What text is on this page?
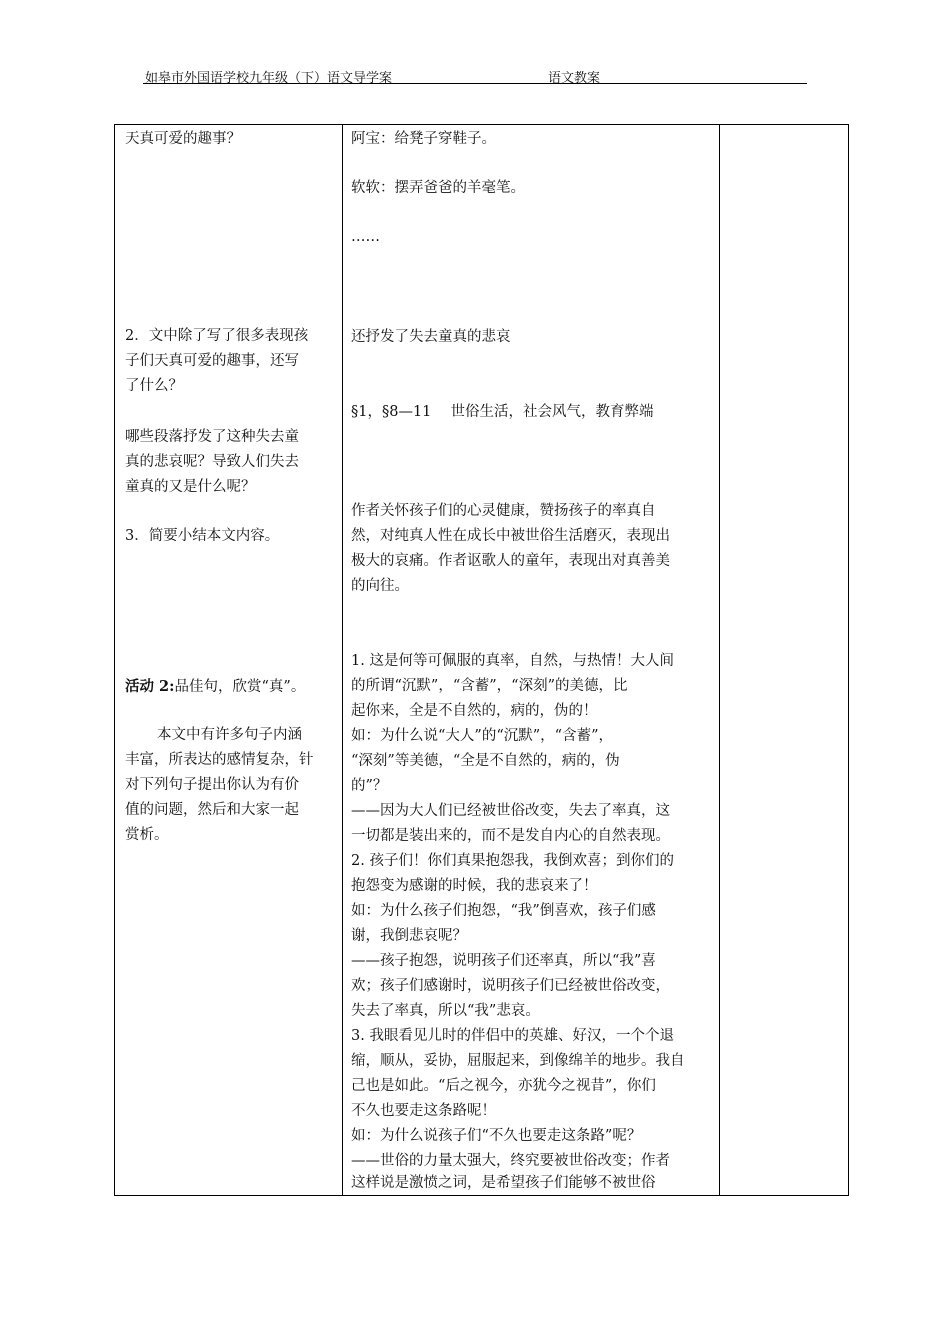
如皋市外国语学校九年级（下）语文导学案	语文教案
天真可爱的趣事？
2．文中除了写了很多表现孩
子们天真可爱的趣事，还写
了什么？
哪些段落抒发了这种失去童
真的悲哀呢？导致人们失去
童真的又是什么呢？
3．简要小结本文内容。
活动 2:品佳句，欣赏“真”。
本文中有许多句子内涵
丰富，所表达的感情复杂，针
对下列句子提出你认为有价
值的问题，然后和大家一起
赏析。
阿宝：给凳子穿鞋子。
软软：摆弄爸爸的羊毫笔。
……
还抒发了失去童真的悲哀
§1，§8—11　 世俗生活，社会风气，教育弊端
作者关怀孩子们的心灵健康，赞扬孩子的率真自
然，对纯真人性在成长中被世俗生活磨灭，表现出
极大的哀痛。作者讴歌人的童年，表现出对真善美
的向往。
1. 这是何等可佩服的真率，自然，与热情！大人间
的所谓“沉默”，“含蓄”，“深刻”的美德，比
起你来，全是不自然的，病的，伪的！
如：为什么说“大人”的“沉默”，“含蓄”，
“深刻”等美德，“全是不自然的，病的，伪
的”？
——因为大人们已经被世俗改变，失去了率真，这
一切都是装出来的，而不是发自内心的自然表现。
2. 孩子们！你们真果抱怨我，我倒欢喜；到你们的
抱怨变为感谢的时候，我的悲哀来了！
如：为什么孩子们抱怨，“我”倒喜欢，孩子们感
谢，我倒悲哀呢？
——孩子抱怨，说明孩子们还率真，所以“我”喜
欢；孩子们感谢时，说明孩子们已经被世俗改变，
失去了率真，所以“我”悲哀。
3. 我眼看见儿时的伴侣中的英雄、好汉，一个个退
缩，顺从，妥协，屈服起来，到像绵羊的地步。我自
己也是如此。“后之视今，亦犹今之视昔”，你们
不久也要走这条路呢！
如：为什么说孩子们“不久也要走这条路”呢？
——世俗的力量太强大，终究要被世俗改变；作者
这样说是激愤之词，是希望孩子们能够不被世俗
